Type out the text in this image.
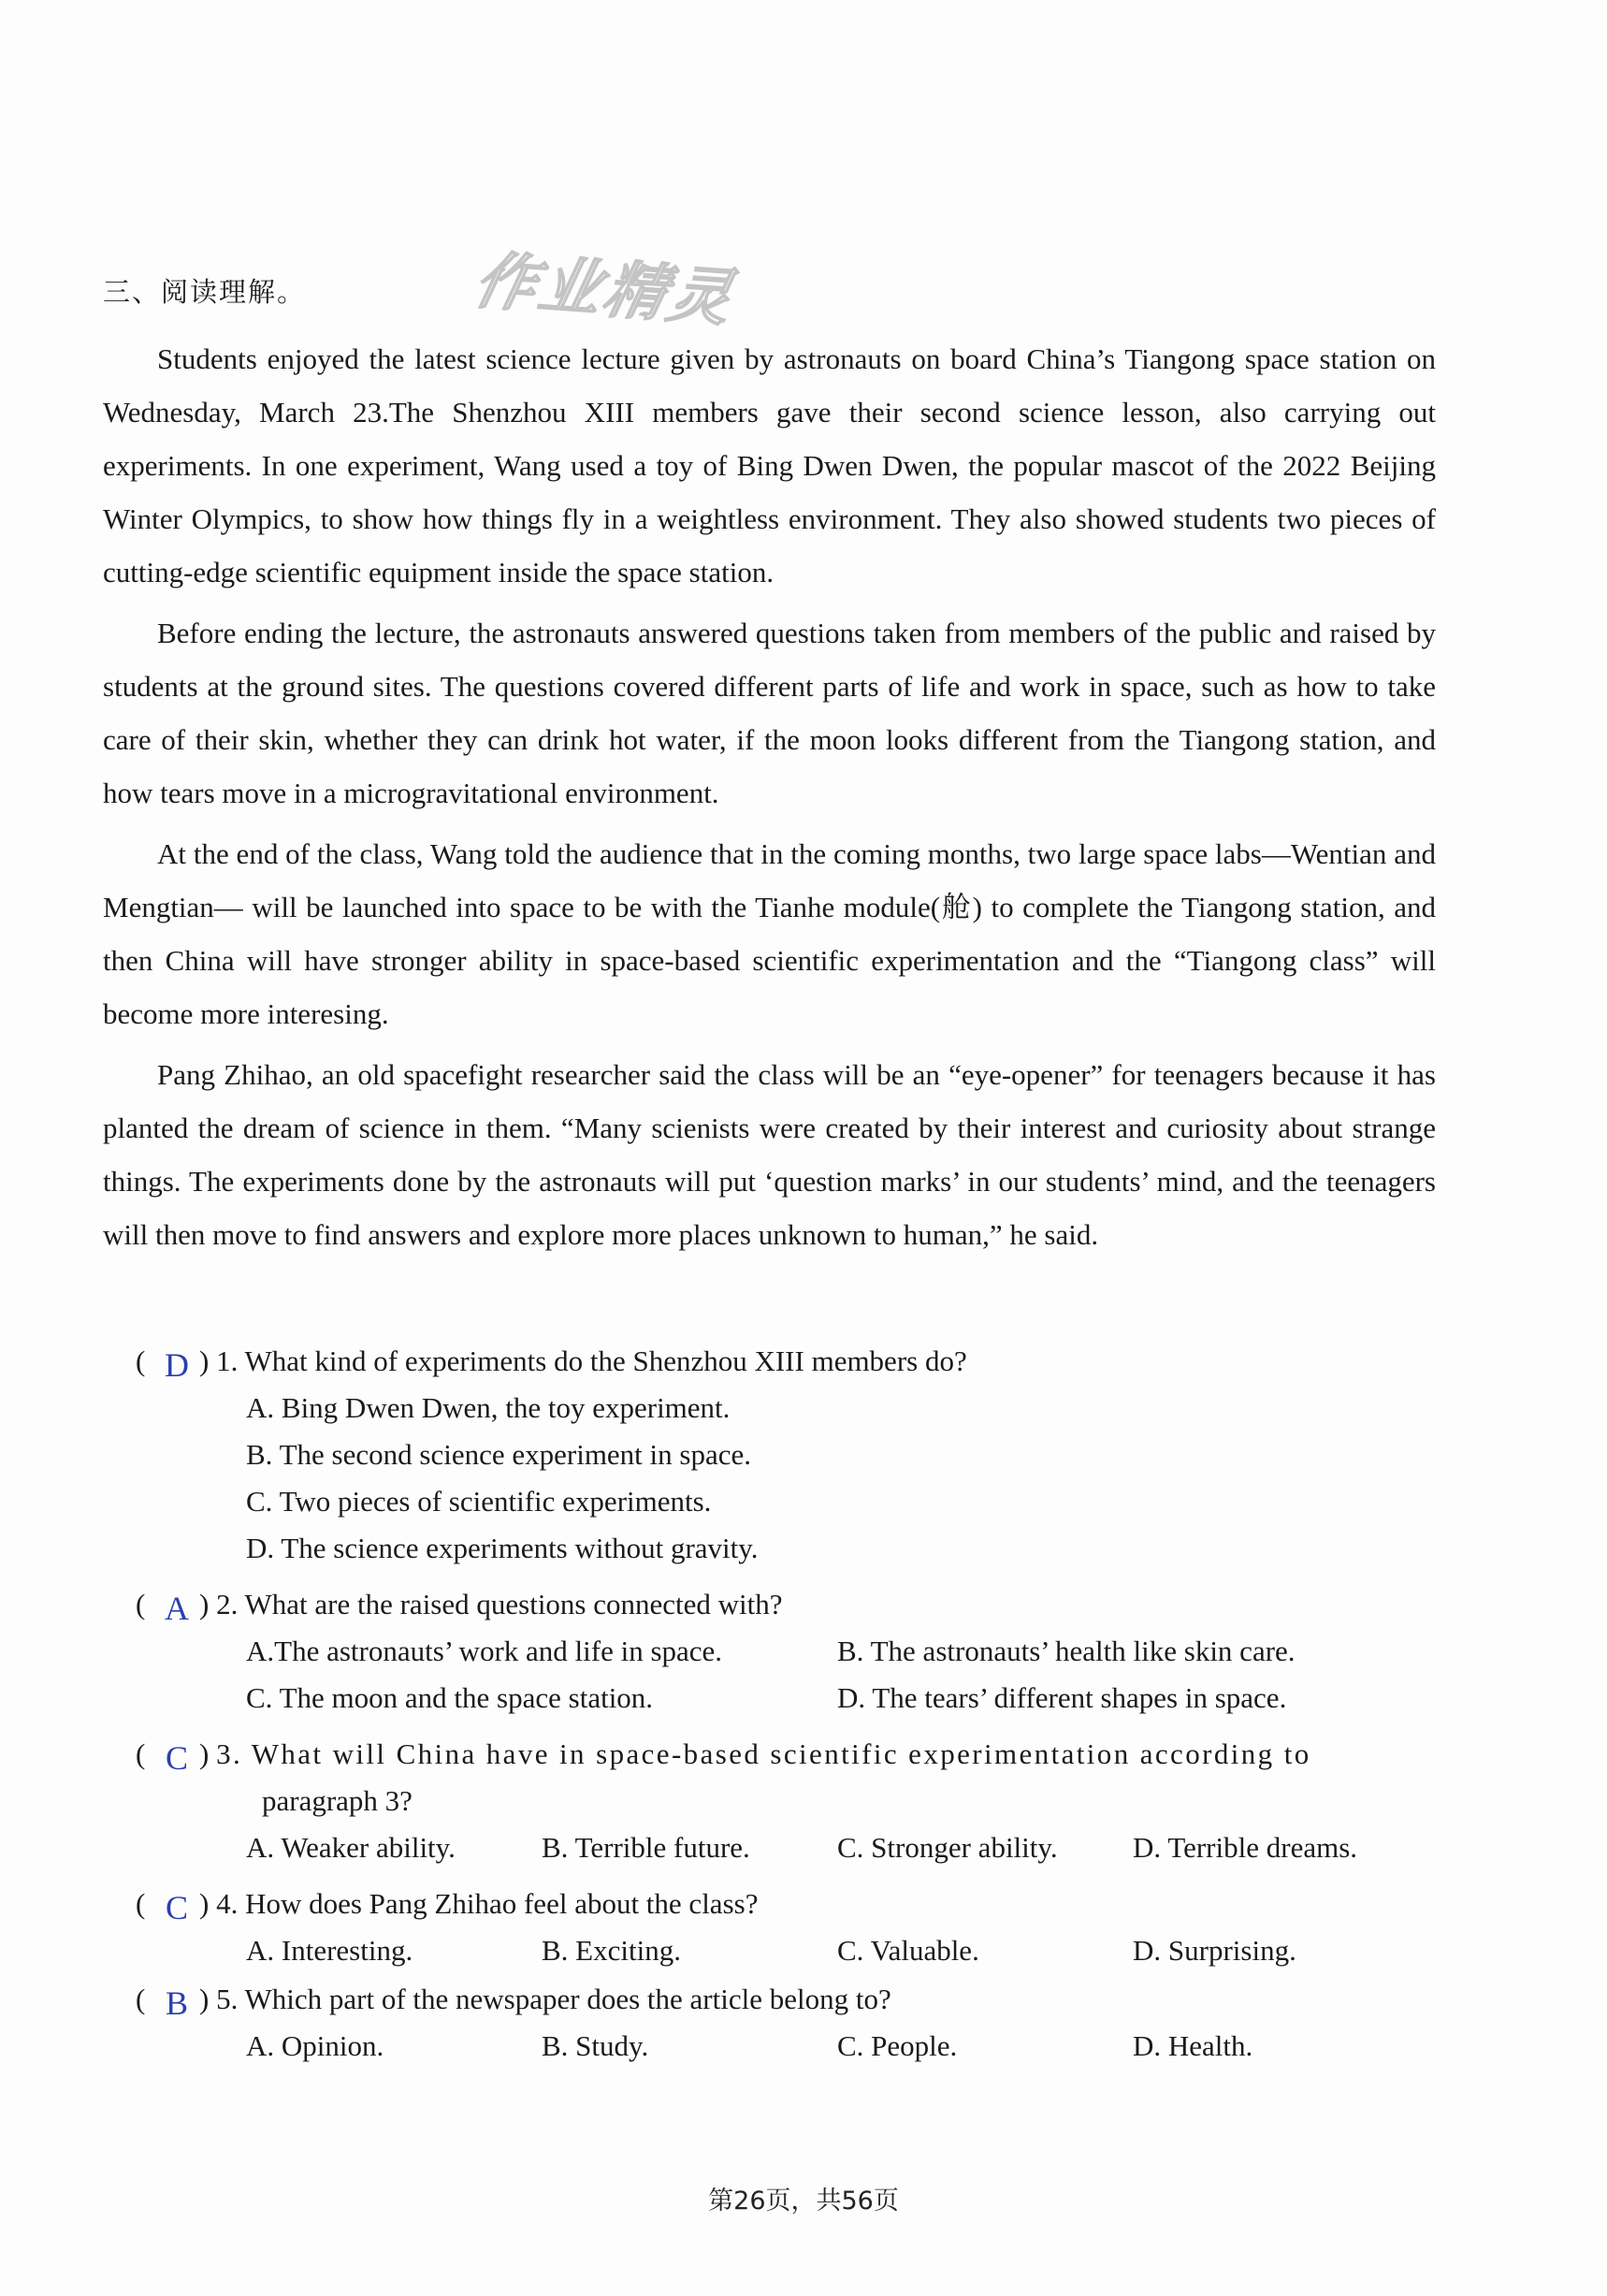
三、阅读理解。	作业精灵

Students enjoyed the latest science lecture given by astronauts on board China’s Tiangong space station on Wednesday, March 23.The Shenzhou XIII members gave their second science lesson, also carrying out experiments. In one experiment, Wang used a toy of Bing Dwen Dwen, the popular mascot of the 2022 Beijing Winter Olympics, to show how things fly in a weightless environment. They also showed students two pieces of cutting-edge scientific equipment inside the space station.

Before ending the lecture, the astronauts answered questions taken from members of the public and raised by students at the ground sites. The questions covered different parts of life and work in space, such as how to take care of their skin, whether they can drink hot water, if the moon looks different from the Tiangong station, and how tears move in a microgravitational environment.

At the end of the class, Wang told the audience that in the coming months, two large space labs—Wentian and Mengtian— will be launched into space to be with the Tianhe module(舱) to complete the Tiangong station, and then China will have stronger ability in space-based scientific experimentation and the “Tiangong class” will become more interesing.

Pang Zhihao, an old spacefight researcher said the class will be an “eye-opener” for teenagers because it has planted the dream of science in them. “Many scienists were created by their interest and curiosity about strange things. The experiments done by the astronauts will put ‘question marks’ in our students’ mind, and the teenagers will then move to find answers and explore more places unknown to human,” he said.

( D ) 1. What kind of experiments do the Shenzhou XIII members do?
A. Bing Dwen Dwen, the toy experiment.
B. The second science experiment in space.
C. Two pieces of scientific experiments.
D. The science experiments without gravity.
( A ) 2. What are the raised questions connected with?
A.The astronauts’ work and life in space.	B. The astronauts’ health like skin care.
C. The moon and the space station.	D. The tears’ different shapes in space.
( C ) 3. What will China have in space-based scientific experimentation according to
paragraph 3?
A. Weaker ability.	B. Terrible future.	C. Stronger ability.	D. Terrible dreams.
( C ) 4. How does Pang Zhihao feel about the class?
A. Interesting.	B. Exciting.	C. Valuable.	D. Surprising.
( B ) 5. Which part of the newspaper does the article belong to?
A. Opinion.	B. Study.	C. People.	D. Health.
第26页，共56页
